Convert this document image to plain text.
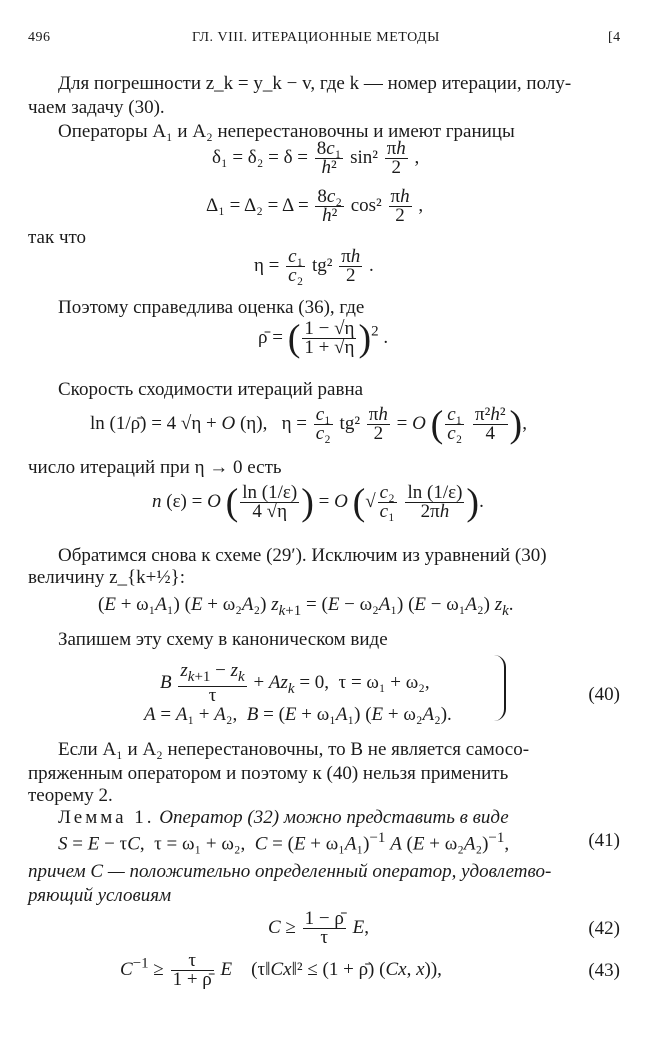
496	ГЛ. VIII. ИТЕРАЦИОННЫЕ МЕТОДЫ	[4
Для погрешности z_k = y_k − v, где k — номер итерации, полу-
чаем задачу (30).
Операторы A₁ и A₂ неперестановочны и имеют границы
$\delta_1 = \delta_2 = \delta = \frac{\text{8c₁}}{\text{h²}} \sin^2 \frac{\pi h}{2}$ ,
$\Delta_1 = \Delta_2 = \Delta = \frac{\text{8c₂}}{\text{h²}} \cos^2 \frac{\pi h}{2}$ ,
так что
$\eta = \frac{\text{c₁}}{\text{c₂}} tg^2 \frac{\pi h}{2}$ .
Поэтому справедлива оценка (36), где
ρ̄ = ( $\frac{1 - √\eta}{1 + √\eta} )^2$ .
Скорость сходимости итераций равна
ln (1/ρ̄) = 4 √η + O (η),   $\eta = \frac{\text{c₁}}{\text{c₂}} tg^2 \frac{\pi h}{2} = O$ ( $\frac{\text{c₁}}{\text{c₂}}$
$\frac{\text{π²h²}}{4}$ ),
число итераций при η → 0 есть
n (ε) = O ( $\frac{\ln (1/\varepsilon)}{4 √\eta}$ ) = O (√ $\frac{\text{c₂}}{\text{c₁}}$
$\frac{\ln (1/\varepsilon)}{2\pi h}$ ).
Обратимся снова к схеме (29′). Исключим из уравнений (30)
величину z_{k+½}:
(E + ω₁A₁) (E + ω₂A₂) $z_{k+1} = (E - \omega_2A_1) (E - \omega_1A_2)$ $z_k$.
Запишем эту схему в каноническом виде
B $\frac{z_{k+1} - z_k}{\tau} + Az_k = 0$,  τ = ω₁ + ω₂,
A = A₁ + A₂,  B = (E + ω₁A₁) (E + ω₂A₂).
(40)
Если A₁ и A₂ неперестановочны, то B не является самосо-
пряженным оператором и поэтому к (40) нельзя применить
теорему 2.
Лемма 1. Оператор (32) можно представить в виде
S = E − τC,  τ = ω₁ + ω₂,  $C = (E + \omega_1A_1)^{-1}$ A $(E + \omega_2A_2)^{-1}$,	(41)
причем C — положительно определенный оператор, удовлетво-
ряющий условиям
$C \ge \frac{1 - \rhō}{\tau} E$,	(42)
$C^{-1} \ge \frac{\tau}{1 + \rhō}$ E    (τ‖Cx‖² ≤ (1 + ρ̄) (Cx, x)),	(43)
